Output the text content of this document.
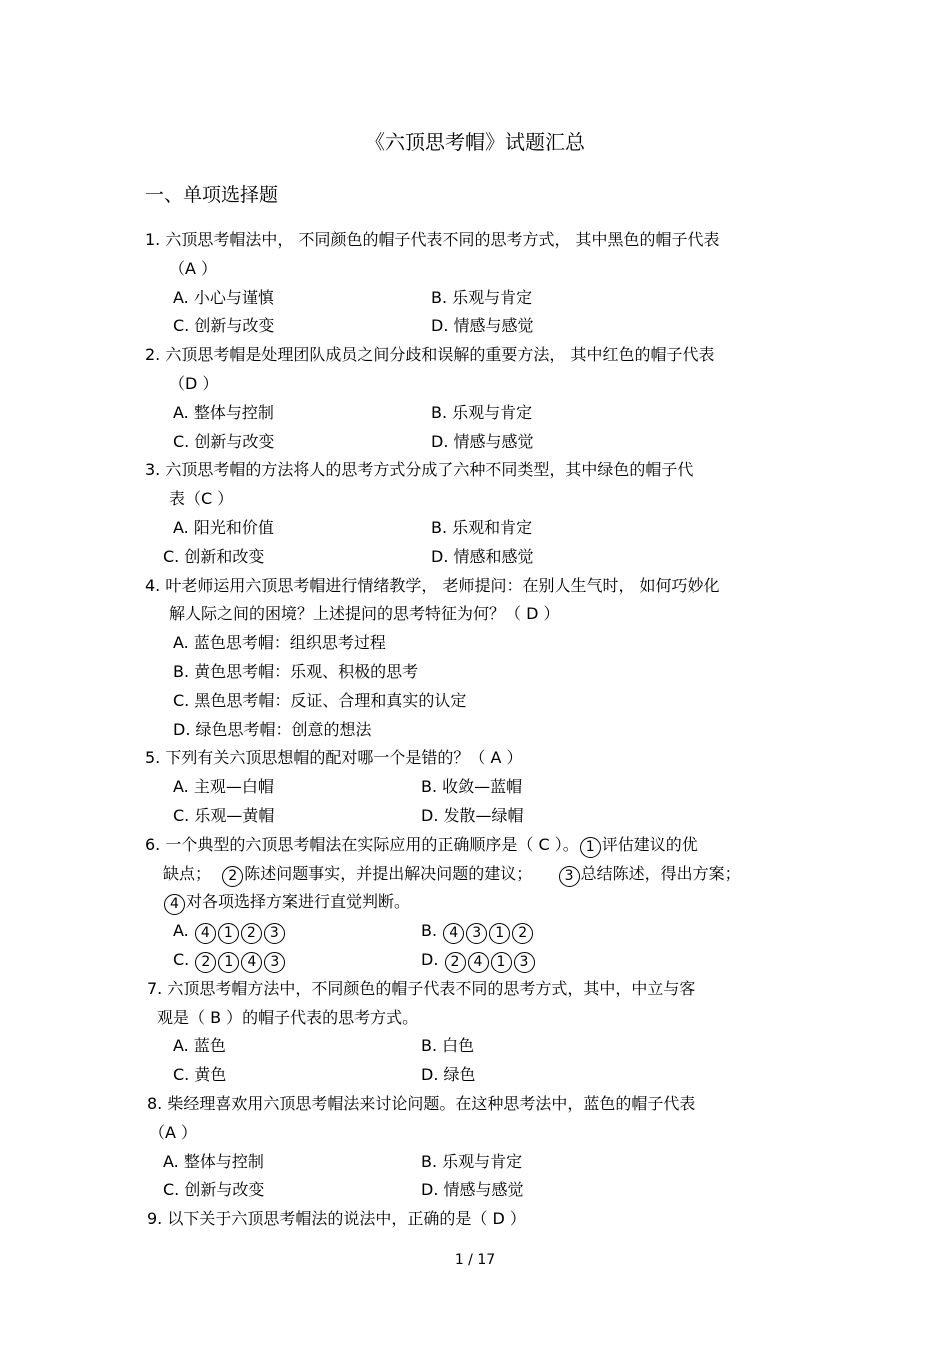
《六顶思考帽》试题汇总
一、单项选择题
1. 六顶思考帽法中， 不同颜色的帽子代表不同的思考方式， 其中黑色的帽子代表
（A ）
A. 小心与谨慎	B. 乐观与肯定
C. 创新与改变	D. 情感与感觉
2. 六顶思考帽是处理团队成员之间分歧和误解的重要方法， 其中红色的帽子代表
（D ）
A. 整体与控制	B. 乐观与肯定
C. 创新与改变	D. 情感与感觉
3. 六顶思考帽的方法将人的思考方式分成了六种不同类型，其中绿色的帽子代
表（C ）
A. 阳光和价值	B. 乐观和肯定
C. 创新和改变	D. 情感和感觉
4. 叶老师运用六顶思考帽进行情绪教学， 老师提问：在别人生气时， 如何巧妙化
解人际之间的困境？上述提问的思考特征为何？（ D ）
A. 蓝色思考帽：组织思考过程
B. 黄色思考帽：乐观、积极的思考
C. 黑色思考帽：反证、合理和真实的认定
D. 绿色思考帽：创意的想法
5. 下列有关六顶思想帽的配对哪一个是错的？（ A ）
A. 主观—白帽	B. 收敛—蓝帽
C. 乐观—黄帽	D. 发散—绿帽
6. 一个典型的六顶思考帽法在实际应用的正确顺序是（ C ）。 1 评估建议的优
缺点； 2 陈述问题事实，并提出解决问题的建议； 3 总结陈述，得出方案；
4 对各项选择方案进行直觉判断。
A. 4 1 2 3	B. 4 3 1 2
C. 2 1 4 3	D. 2 4 1 3
7. 六顶思考帽方法中，不同颜色的帽子代表不同的思考方式，其中，中立与客
观是（ B ）的帽子代表的思考方式。
A. 蓝色	B. 白色
C. 黄色	D. 绿色
8. 柴经理喜欢用六顶思考帽法来讨论问题。在这种思考法中，蓝色的帽子代表
（A ）
A. 整体与控制	B. 乐观与肯定
C. 创新与改变	D. 情感与感觉
9. 以下关于六顶思考帽法的说法中，正确的是（ D ）
1 / 17
